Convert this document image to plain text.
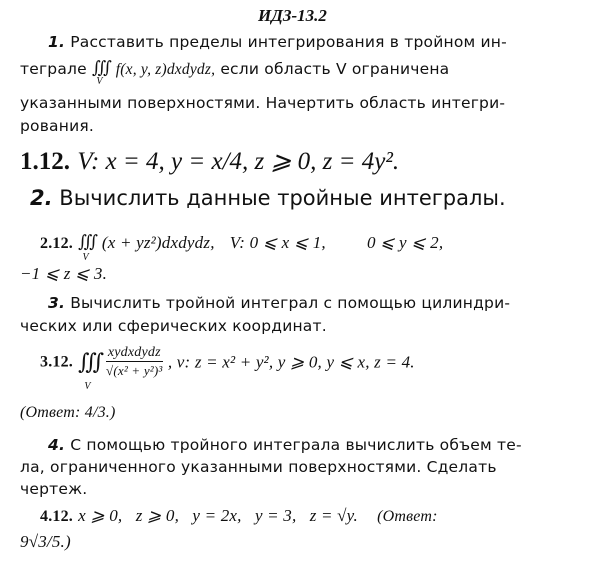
ИДЗ-13.2
1. Расставить пределы интегрирования в тройном ин-
теграле $∭_V$ f(x, y, z)dxdydz, если область V ограничена
указанными поверхностями. Начертить область интегри-
рования.
1.12. V: x = 4, y = x/4, z ⩾ 0, z = 4y².
2. Вычислить данные тройные интегралы.
2.12. $∭_V$ (x + yz²)dxdydz, V: 0 ⩽ x ⩽ 1, 0 ⩽ y ⩽ 2,
−1 ⩽ z ⩽ 3.
3. Вычислить тройной интеграл с помощью цилиндри-
ческих или сферических координат.
3.12. $∭_V$
$\frac{\text{xydxdydz}}{\text{√(x² + y²)³}}$ , v: z = x² + y², y ⩾ 0, y ⩽ x, z = 4.
(Ответ: 4/3.)
4. С помощью тройного интеграла вычислить объем те-
ла, ограниченного указанными поверхностями. Сделать
чертеж.
4.12. x ⩾ 0,   z ⩾ 0,   y = 2x,   y = 3,   z = √y. (Ответ:
9√3/5.)
